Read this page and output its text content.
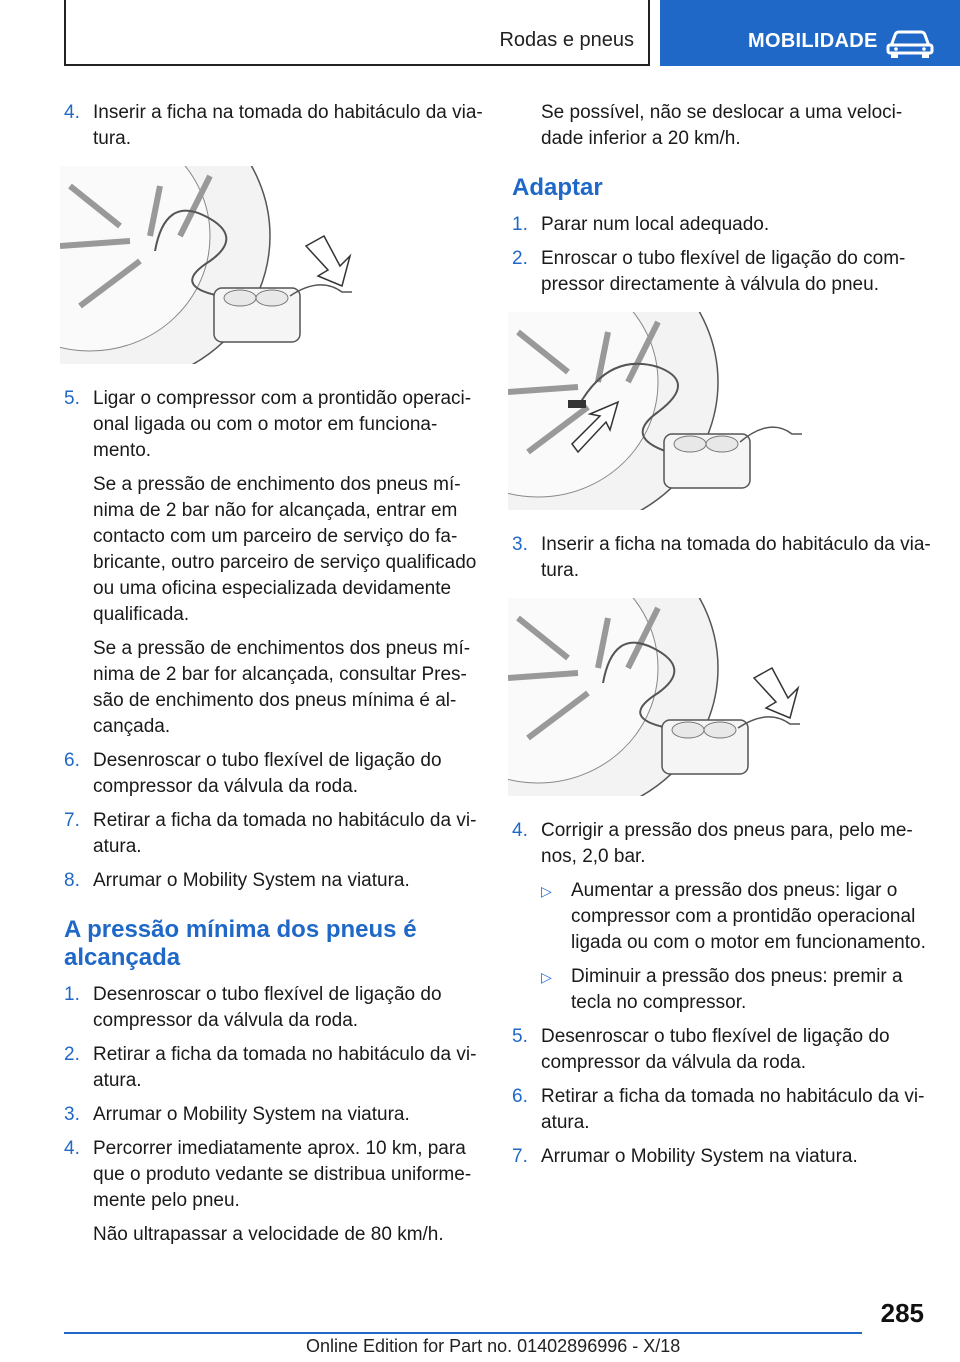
Rodas e pneus	MOBILIDADE
4. Inserir a ficha na tomada do habitáculo da viatura.
5. Ligar o compressor com a prontidão operacional ligada ou com o motor em funcionamento.

Se a pressão de enchimento dos pneus mínima de 2 bar não for alcançada, entrar em contacto com um parceiro de serviço do fabricante, outro parceiro de serviço qualificado ou uma oficina especializada devidamente qualificada.

Se a pressão de enchimentos dos pneus mínima de 2 bar for alcançada, consultar Pressão de enchimento dos pneus mínima é alcançada.

6. Desenroscar o tubo flexível de ligação do compressor da válvula da roda.
7. Retirar a ficha da tomada no habitáculo da viatura.
8. Arrumar o Mobility System na viatura.
A pressão mínima dos pneus é alcançada
1. Desenroscar o tubo flexível de ligação do compressor da válvula da roda.
2. Retirar a ficha da tomada no habitáculo da viatura.
3. Arrumar o Mobility System na viatura.
4. Percorrer imediatamente aprox. 10 km, para que o produto vedante se distribua uniformemente pelo pneu.

Não ultrapassar a velocidade de 80 km/h.

Se possível, não se deslocar a uma velocidade inferior a 20 km/h.

Adaptar
1. Parar num local adequado.
2. Enroscar o tubo flexível de ligação do compressor directamente à válvula do pneu.
3. Inserir a ficha na tomada do habitáculo da viatura.
4. Corrigir a pressão dos pneus para, pelo menos, 2,0 bar.
▷ Aumentar a pressão dos pneus: ligar o compressor com a prontidão operacional ligada ou com o motor em funcionamento.
▷ Diminuir a pressão dos pneus: premir a tecla no compressor.
5. Desenroscar o tubo flexível de ligação do compressor da válvula da roda.
6. Retirar a ficha da tomada no habitáculo da viatura.
7. Arrumar o Mobility System na viatura.
285
Online Edition for Part no. 01402896996 - X/18
